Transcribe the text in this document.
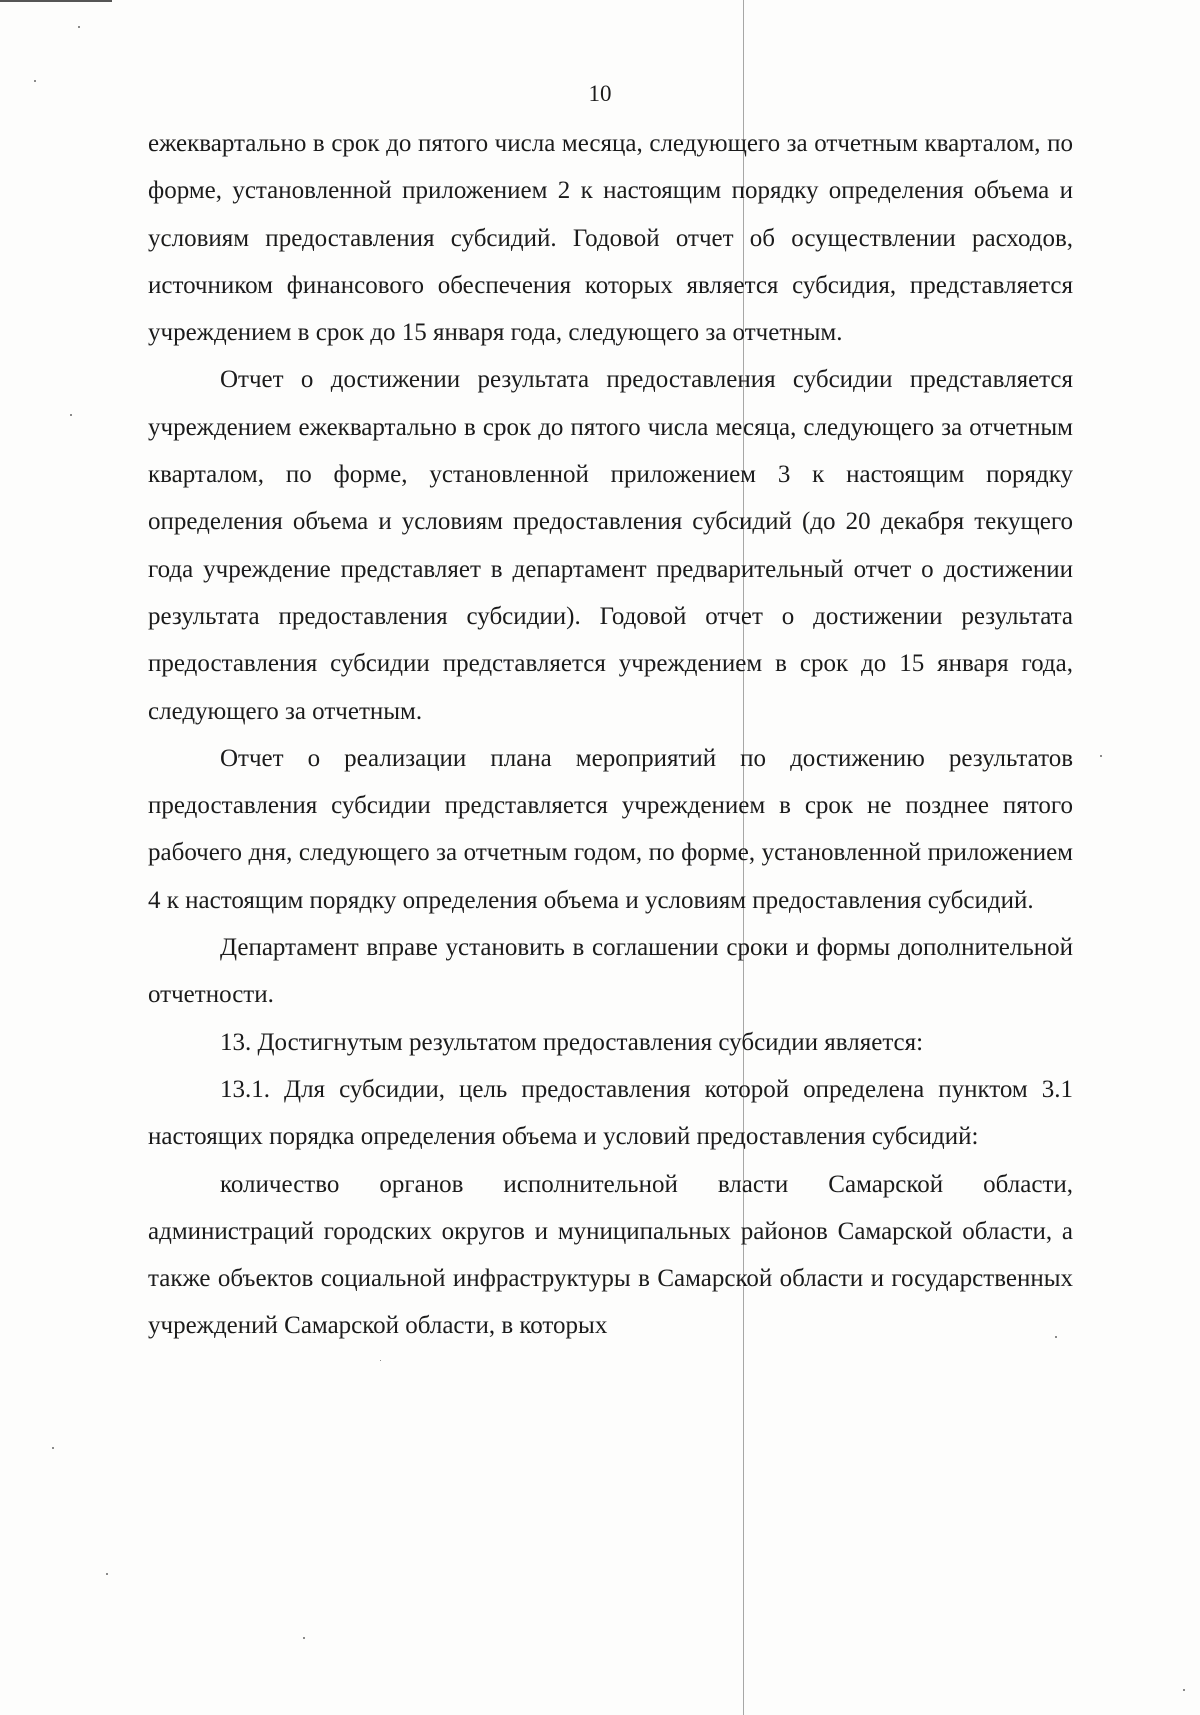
10

ежеквартально в срок до пятого числа месяца, следующего за отчетным кварталом, по форме, установленной приложением 2 к настоящим порядку определения объема и условиям предоставления субсидий. Годовой отчет об осуществлении расходов, источником финансового обеспечения которых является субсидия, представляется учреждением в срок до 15 января года, следующего за отчетным.

Отчет о достижении результата предоставления субсидии представляется учреждением ежеквартально в срок до пятого числа месяца, следующего за отчетным кварталом, по форме, установленной приложением 3 к настоящим порядку определения объема и условиям предоставления субсидий (до 20 декабря текущего года учреждение представляет в департамент предварительный отчет о достижении результата предоставления субсидии). Годовой отчет о достижении результата предоставления субсидии представляется учреждением в срок до 15 января года, следующего за отчетным.

Отчет о реализации плана мероприятий по достижению результатов предоставления субсидии представляется учреждением в срок не позднее пятого рабочего дня, следующего за отчетным годом, по форме, установленной приложением 4 к настоящим порядку определения объема и условиям предоставления субсидий.

Департамент вправе установить в соглашении сроки и формы дополнительной отчетности.

13. Достигнутым результатом предоставления субсидии является:

13.1. Для субсидии, цель предоставления которой определена пунктом 3.1 настоящих порядка определения объема и условий предоставления субсидий:

количество органов исполнительной власти Самарской области, администраций городских округов и муниципальных районов Самарской области, а также объектов социальной инфраструктуры в Самарской области и государственных учреждений Самарской области, в которых
